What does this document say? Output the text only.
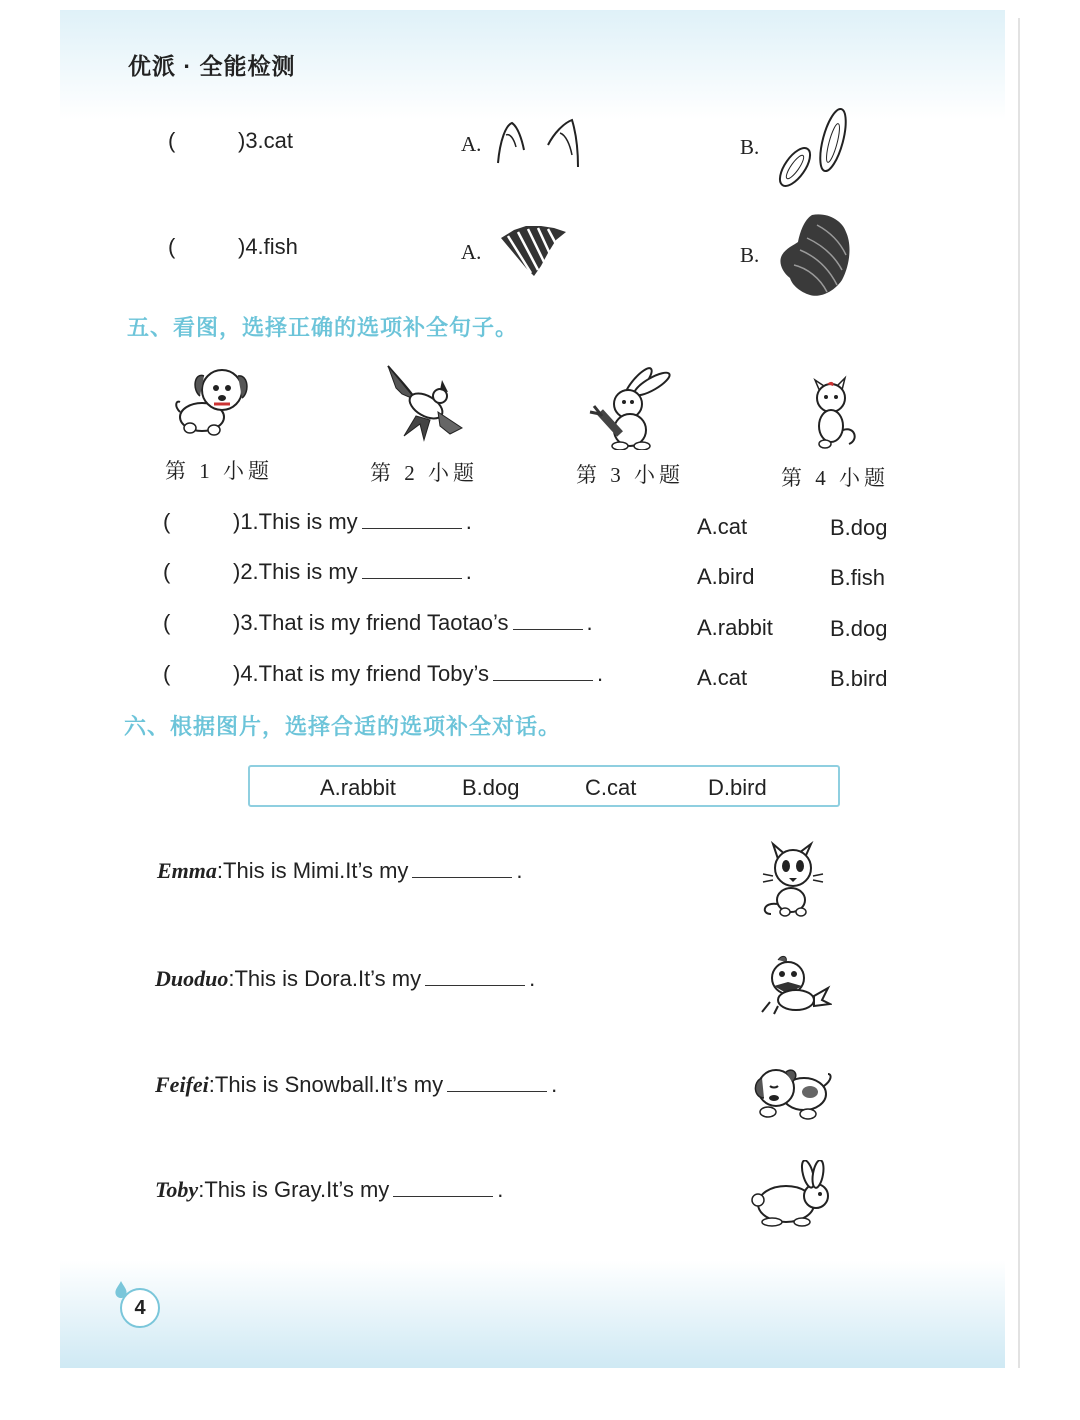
优派 · 全能检测
(	)3.cat	A.	B.
(	)4.fish	A.	B.
五、看图，选择正确的选项补全句子。
第 1 小题	第 2 小题	第 3 小题	第 4 小题
(	)1.This is my	.	A.cat	B.dog
(	)2.This is my	.	A.bird	B.fish
(	)3.That is my friend Taotao’s	.	A.rabbit	B.dog
(	)4.That is my friend Toby’s	.	A.cat	B.bird
六、根据图片，选择合适的选项补全对话。
A.rabbit	B.dog	C.cat	D.bird
Emma:This is Mimi.It’s my	.
Duoduo:This is Dora.It’s my	.
Feifei:This is Snowball.It’s my	.
Toby:This is Gray.It’s my	.
4
